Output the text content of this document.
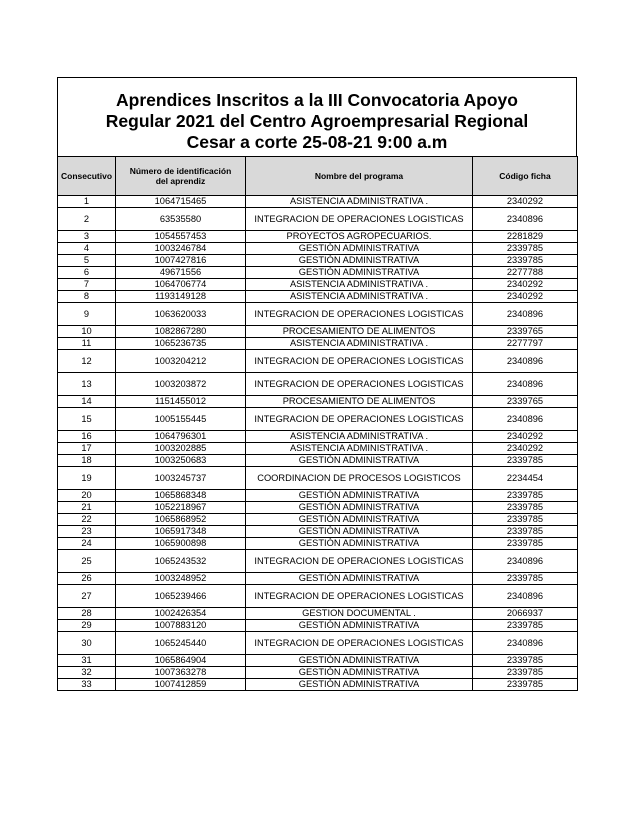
Aprendices Inscritos a la III Convocatoria Apoyo
Regular 2021 del Centro Agroempresarial Regional
Cesar a corte 25-08-21 9:00 a.m
Consecutivo	Número de identificación del aprendiz	Nombre del programa	Código ficha
1	1064715465	ASISTENCIA ADMINISTRATIVA .	2340292
2	63535580	INTEGRACION DE OPERACIONES LOGISTICAS	2340896
3	1054557453	PROYECTOS AGROPECUARIOS.	2281829
4	1003246784	GESTIÓN ADMINISTRATIVA	2339785
5	1007427816	GESTIÓN ADMINISTRATIVA	2339785
6	49671556	GESTIÓN ADMINISTRATIVA	2277788
7	1064706774	ASISTENCIA ADMINISTRATIVA .	2340292
8	1193149128	ASISTENCIA ADMINISTRATIVA .	2340292
9	1063620033	INTEGRACION DE OPERACIONES LOGISTICAS	2340896
10	1082867280	PROCESAMIENTO DE ALIMENTOS	2339765
11	1065236735	ASISTENCIA ADMINISTRATIVA .	2277797
12	1003204212	INTEGRACION DE OPERACIONES LOGISTICAS	2340896
13	1003203872	INTEGRACION DE OPERACIONES LOGISTICAS	2340896
14	1151455012	PROCESAMIENTO DE ALIMENTOS	2339765
15	1005155445	INTEGRACION DE OPERACIONES LOGISTICAS	2340896
16	1064796301	ASISTENCIA ADMINISTRATIVA .	2340292
17	1003202885	ASISTENCIA ADMINISTRATIVA .	2340292
18	1003250683	GESTIÓN ADMINISTRATIVA	2339785
19	1003245737	COORDINACION DE PROCESOS LOGISTICOS	2234454
20	1065868348	GESTIÓN ADMINISTRATIVA	2339785
21	1052218967	GESTIÓN ADMINISTRATIVA	2339785
22	1065868952	GESTIÓN ADMINISTRATIVA	2339785
23	1065917348	GESTIÓN ADMINISTRATIVA	2339785
24	1065900898	GESTIÓN ADMINISTRATIVA	2339785
25	1065243532	INTEGRACION DE OPERACIONES LOGISTICAS	2340896
26	1003248952	GESTIÓN ADMINISTRATIVA	2339785
27	1065239466	INTEGRACION DE OPERACIONES LOGISTICAS	2340896
28	1002426354	GESTION DOCUMENTAL .	2066937
29	1007883120	GESTIÓN ADMINISTRATIVA	2339785
30	1065245440	INTEGRACION DE OPERACIONES LOGISTICAS	2340896
31	1065864904	GESTIÓN ADMINISTRATIVA	2339785
32	1007363278	GESTIÓN ADMINISTRATIVA	2339785
33	1007412859	GESTIÓN ADMINISTRATIVA	2339785
